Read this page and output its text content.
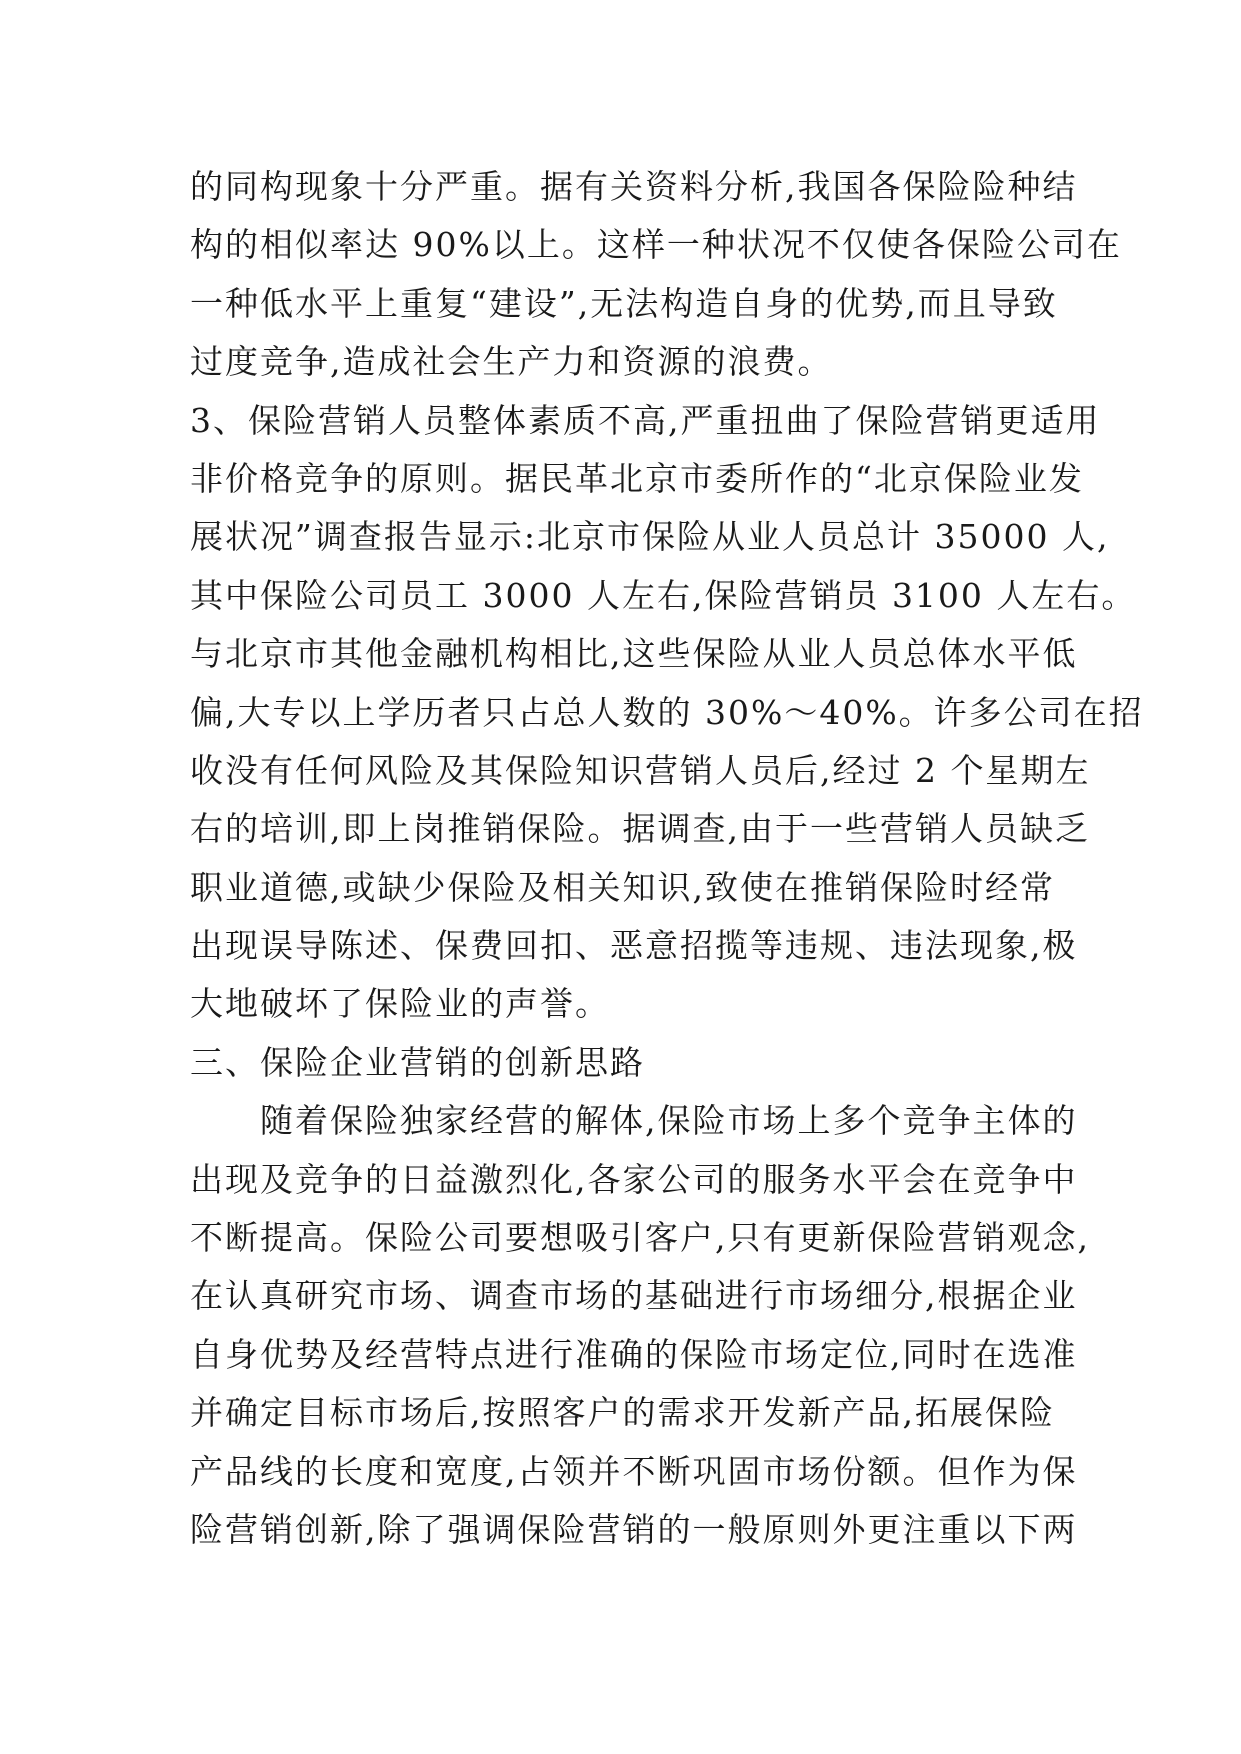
的同构现象十分严重。据有关资料分析,我国各保险险种结
构的相似率达 90%以上。这样一种状况不仅使各保险公司在
一种低水平上重复“建设”,无法构造自身的优势,而且导致
过度竞争,造成社会生产力和资源的浪费。
3、保险营销人员整体素质不高,严重扭曲了保险营销更适用
非价格竞争的原则。据民革北京市委所作的“北京保险业发
展状况”调查报告显示:北京市保险从业人员总计 35000 人,
其中保险公司员工 3000 人左右,保险营销员 3100 人左右。
与北京市其他金融机构相比,这些保险从业人员总体水平低
偏,大专以上学历者只占总人数的 30%～40%。许多公司在招
收没有任何风险及其保险知识营销人员后,经过 2 个星期左
右的培训,即上岗推销保险。据调查,由于一些营销人员缺乏
职业道德,或缺少保险及相关知识,致使在推销保险时经常
出现误导陈述、保费回扣、恶意招揽等违规、违法现象,极
大地破坏了保险业的声誉。
三、保险企业营销的创新思路
　　随着保险独家经营的解体,保险市场上多个竞争主体的
出现及竞争的日益激烈化,各家公司的服务水平会在竞争中
不断提高。保险公司要想吸引客户,只有更新保险营销观念,
在认真研究市场、调查市场的基础进行市场细分,根据企业
自身优势及经营特点进行准确的保险市场定位,同时在选准
并确定目标市场后,按照客户的需求开发新产品,拓展保险
产品线的长度和宽度,占领并不断巩固市场份额。但作为保
险营销创新,除了强调保险营销的一般原则外更注重以下两
